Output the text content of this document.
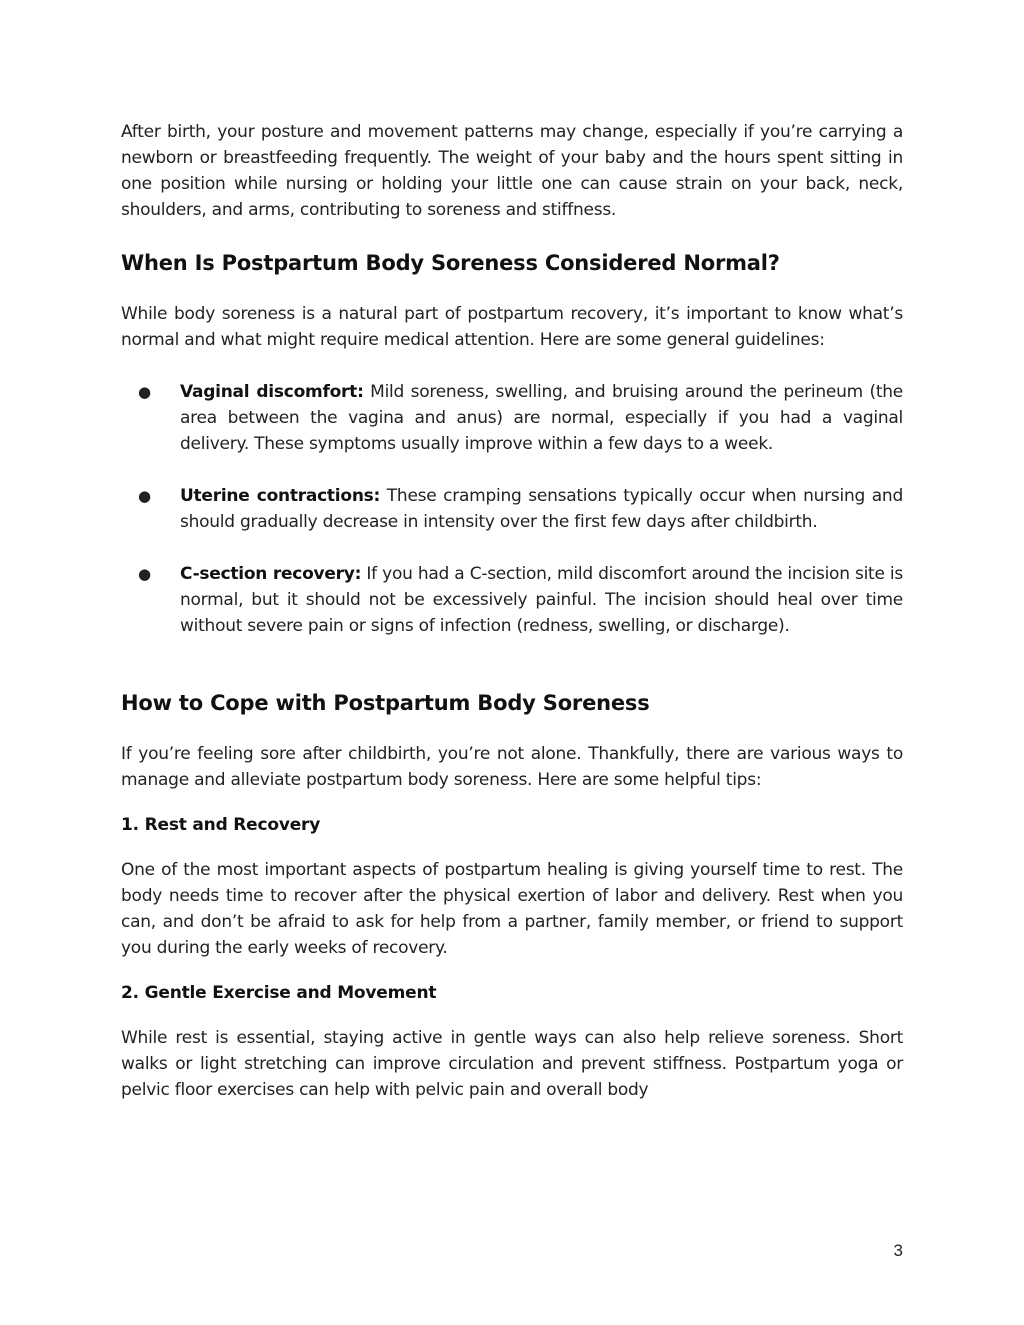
After birth, your posture and movement patterns may change, especially if you’re carrying a newborn or breastfeeding frequently. The weight of your baby and the hours spent sitting in one position while nursing or holding your little one can cause strain on your back, neck, shoulders, and arms, contributing to soreness and stiffness.

When Is Postpartum Body Soreness Considered Normal?

While body soreness is a natural part of postpartum recovery, it’s important to know what’s normal and what might require medical attention. Here are some general guidelines:

● Vaginal discomfort: Mild soreness, swelling, and bruising around the perineum (the area between the vagina and anus) are normal, especially if you had a vaginal delivery. These symptoms usually improve within a few days to a week.
● Uterine contractions: These cramping sensations typically occur when nursing and should gradually decrease in intensity over the first few days after childbirth.
● C-section recovery: If you had a C-section, mild discomfort around the incision site is normal, but it should not be excessively painful. The incision should heal over time without severe pain or signs of infection (redness, swelling, or discharge).
How to Cope with Postpartum Body Soreness

If you’re feeling sore after childbirth, you’re not alone. Thankfully, there are various ways to manage and alleviate postpartum body soreness. Here are some helpful tips:

1. Rest and Recovery

One of the most important aspects of postpartum healing is giving yourself time to rest. The body needs time to recover after the physical exertion of labor and delivery. Rest when you can, and don’t be afraid to ask for help from a partner, family member, or friend to support you during the early weeks of recovery.

2. Gentle Exercise and Movement

While rest is essential, staying active in gentle ways can also help relieve soreness. Short walks or light stretching can improve circulation and prevent stiffness. Postpartum yoga or pelvic floor exercises can help with pelvic pain and overall body

3
